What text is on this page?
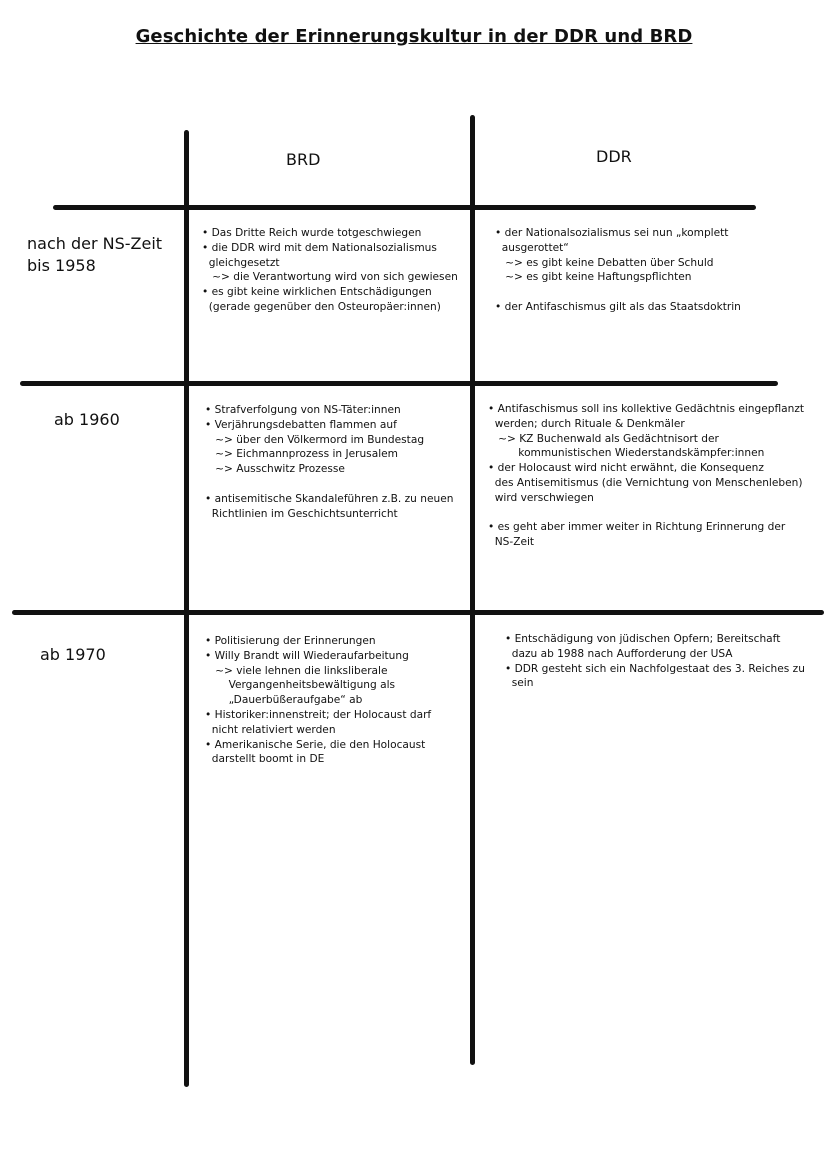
Geschichte der Erinnerungskultur in der DDR und BRD
BRD	DDR
nach der NS-Zeit
bis 1958
ab 1960
ab 1970
• Das Dritte Reich wurde totgeschwiegen
• die DDR wird mit dem Nationalsozialismus
gleichgesetzt
~> die Verantwortung wird von sich gewiesen
• es gibt keine wirklichen Entschädigungen
(gerade gegenüber den Osteuropäer:innen)
• der Nationalsozialismus sei nun „komplett
ausgerottet“
~> es gibt keine Debatten über Schuld
~> es gibt keine Haftungspflichten
• der Antifaschismus gilt als das Staatsdoktrin
• Strafverfolgung von NS-Täter:innen
• Verjährungsdebatten flammen auf
~> über den Völkermord im Bundestag
~> Eichmannprozess in Jerusalem
~> Ausschwitz Prozesse
• antisemitische Skandaleführen z.B. zu neuen
Richtlinien im Geschichtsunterricht
• Antifaschismus soll ins kollektive Gedächtnis eingepflanzt
werden; durch Rituale & Denkmäler
~> KZ Buchenwald als Gedächtnisort der
kommunistischen Wiederstandskämpfer:innen
• der Holocaust wird nicht erwähnt, die Konsequenz
des Antisemitismus (die Vernichtung von Menschenleben)
wird verschwiegen
• es geht aber immer weiter in Richtung Erinnerung der
NS-Zeit
• Politisierung der Erinnerungen
• Willy Brandt will Wiederaufarbeitung
~> viele lehnen die linksliberale
Vergangenheitsbewältigung als
„Dauerbüßeraufgabe“ ab
• Historiker:innenstreit; der Holocaust darf
nicht relativiert werden
• Amerikanische Serie, die den Holocaust
darstellt boomt in DE
• Entschädigung von jüdischen Opfern; Bereitschaft
dazu ab 1988 nach Aufforderung der USA
• DDR gesteht sich ein Nachfolgestaat des 3. Reiches zu
sein
